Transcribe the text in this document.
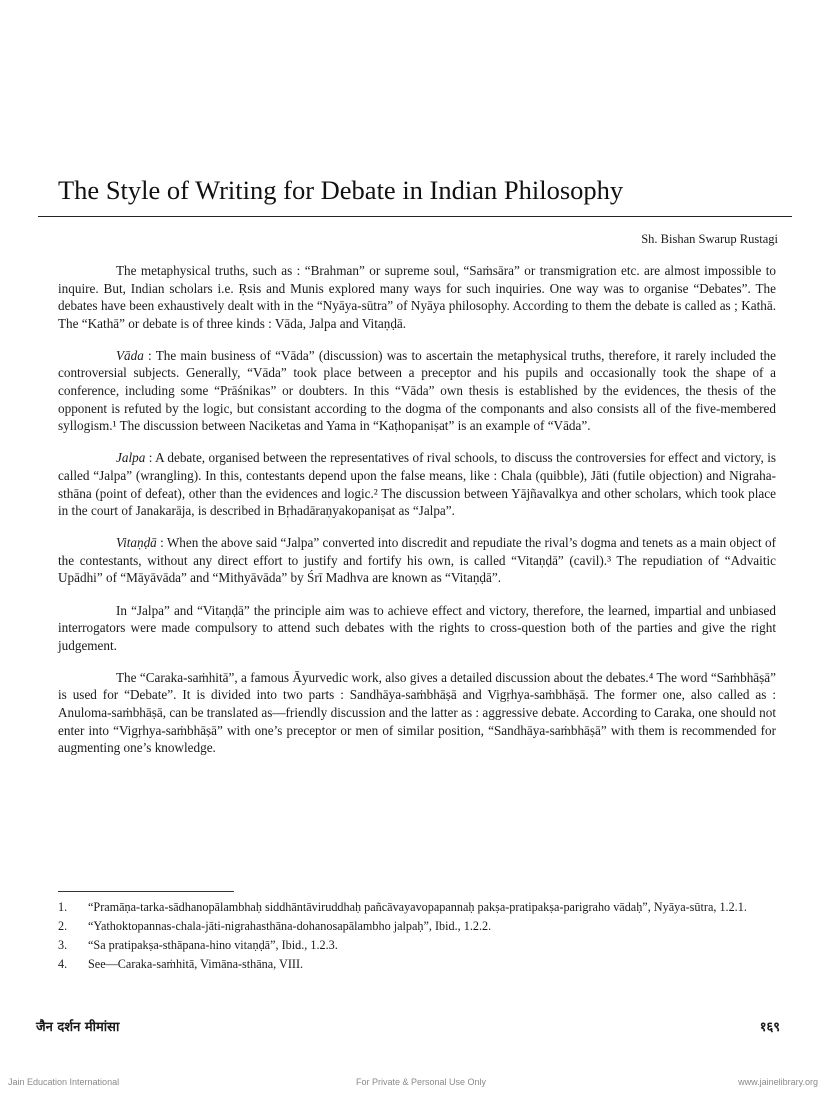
The Style of Writing for Debate in Indian Philosophy
Sh. Bishan Swarup Rustagi

The metaphysical truths, such as : “Brahman” or supreme soul, “Saṁsāra” or transmigration etc. are almost impossible to inquire. But, Indian scholars i.e. Ṛsis and Munis explored many ways for such inquiries. One way was to organise “Debates”. The debates have been exhaustively dealt with in the “Nyāya-sūtra” of Nyāya philosophy. According to them the debate is called as ; Kathā. The “Kathā” or debate is of three kinds : Vāda, Jalpa and Vitaṇḍā.

Vāda : The main business of “Vāda” (discussion) was to ascertain the metaphysical truths, therefore, it rarely included the controversial subjects. Generally, “Vāda” took place between a preceptor and his pupils and occasionally took the shape of a conference, including some “Prāśnikas” or doubters. In this “Vāda” own thesis is established by the evidences, the thesis of the opponent is refuted by the logic, but consistant according to the dogma of the componants and also consists all of the five-membered syllogism.¹ The discussion between Naciketas and Yama in “Kaṭhopaniṣat” is an example of “Vāda”.

Jalpa : A debate, organised between the representatives of rival schools, to discuss the controversies for effect and victory, is called “Jalpa” (wrangling). In this, contestants depend upon the false means, like : Chala (quibble), Jāti (futile objection) and Nigraha-sthāna (point of defeat), other than the evidences and logic.² The discussion between Yājñavalkya and other scholars, which took place in the court of Janakarāja, is described in Bṛhadāraṇyakopaniṣat as “Jalpa”.

Vitaṇḍā : When the above said “Jalpa” converted into discredit and repudiate the rival’s dogma and tenets as a main object of the contestants, without any direct effort to justify and fortify his own, is called “Vitaṇḍā” (cavil).³ The repudiation of “Advaitic Upādhi” of “Māyāvāda” and “Mithyāvāda” by Śrī Madhva are known as “Vitaṇḍā”.

In “Jalpa” and “Vitaṇḍā” the principle aim was to achieve effect and victory, therefore, the learned, impartial and unbiased interrogators were made compulsory to attend such debates with the rights to cross-question both of the parties and give the right judgement.

The “Caraka-saṁhitā”, a famous Āyurvedic work, also gives a detailed discussion about the debates.⁴ The word “Saṁbhāṣā” is used for “Debate”. It is divided into two parts : Sandhāya-saṁbhāṣā and Vigṛhya-saṁbhāṣā. The former one, also called as : Anuloma-saṁbhāṣā, can be translated as—friendly discussion and the latter as : aggressive debate. According to Caraka, one should not enter into “Vigṛhya-saṁbhāṣā” with one’s preceptor or men of similar position, “Sandhāya-saṁbhāṣā” with them is recommended for augmenting one’s knowledge.

1.	“Pramāṇa-tarka-sādhanopālambhaḥ siddhāntāviruddhaḥ pañcāvayavopapannaḥ pakṣa-pratipakṣa-parigraho vādaḥ”, Nyāya-sūtra, 1.2.1.
2.	“Yathoktopannas-chala-jāti-nigrahasthāna-dohanosapālambho jalpaḥ”, Ibid., 1.2.2.
3.	“Sa pratipakṣa-sthāpana-hino vitaṇḍā”, Ibid., 1.2.3.
4.	See—Caraka-saṁhitā, Vimāna-sthāna, VIII.
जैन दर्शन मीमांसा	१६९
Jain Education International	For Private & Personal Use Only	www.jainelibrary.org
